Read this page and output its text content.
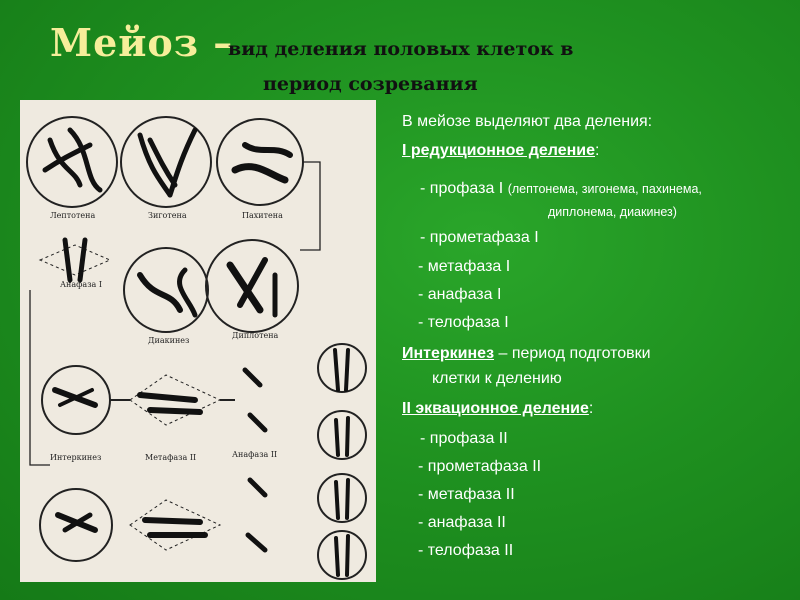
Мейоз –
вид деления половых клеток в
период созревания
Лептотена	Зиготена	Пахитена
Анафаза I
Диакинез
Диплотена
Интеркинез	Метафаза II	Анафаза II
В мейозе выделяют два деления:
I редукционное деление:
- профаза I (лептонема, зигонема, пахинема,
диплонема, диакинез)
- прометафаза I
- метафаза I
- анафаза I
- телофаза I
Интеркинез – период подготовки
клетки к делению
II эквационное деление:
- профаза II
- прометафаза II
- метафаза II
- анафаза II
- телофаза II
